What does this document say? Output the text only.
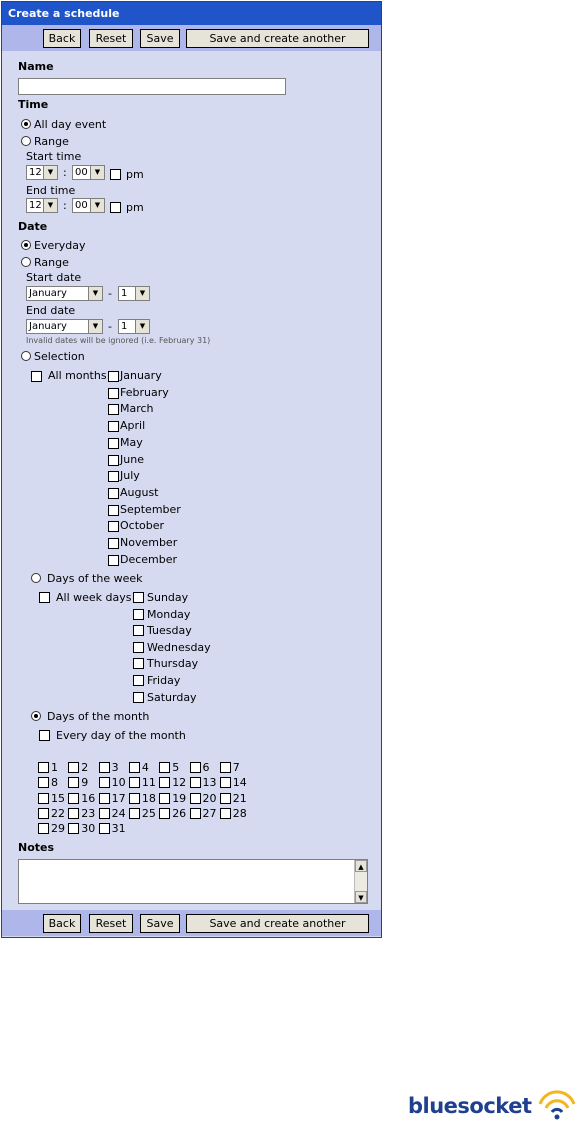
Create a schedule
Back	Reset	Save	Save and create another
Name
Time
All day event
Range
Start time
12 ▼ : 00	▼	pm
End time
12 ▼ : 00	▼	pm
Date
Everyday
Range
Start date
January	▼ - 1	▼
End date
January	▼ - 1	▼
Invalid dates will be ignored (i.e. February 31)
Selection
All months January
February
March
April
May
June
July
August
September
October
November
December
Days of the week
All week days Sunday
Monday
Tuesday
Wednesday
Thursday
Friday
Saturday
Days of the month
Every day of the month
1 2 3 4 5 6 7
8 9 10 11 12 13 14
15 16 17 18 19 20 21
22 23 24 25 26 27 28
29 30 31
Notes
▲
▼
Back	Reset	Save	Save and create another
bluesocket
